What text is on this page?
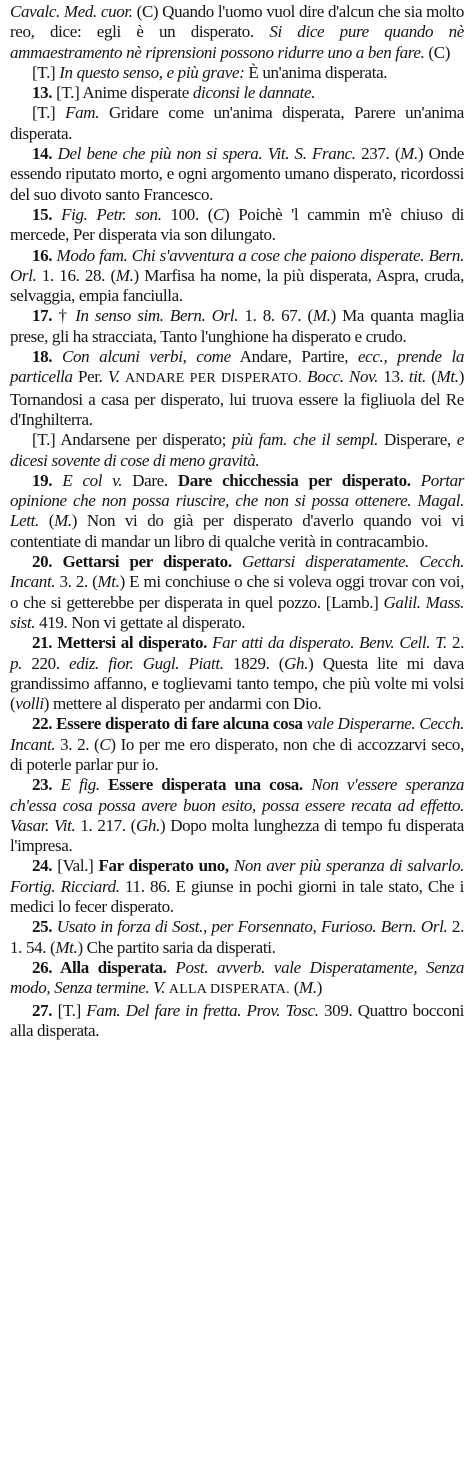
Cavalc. Med. cuor. (C) Quando l'uomo vuol dire d'alcun che sia molto reo, dice: egli è un disperato. Si dice pure quando nè ammaestramento nè riprensioni possono ridurre uno a ben fare. (C)
[T.] In questo senso, e più grave: È un'anima disperata.
13. [T.] Anime disperate diconsi le dannate.
[T.] Fam. Gridare come un'anima disperata, Parere un'anima disperata.
14. Del bene che più non si spera. Vit. S. Franc. 237. (M.) Onde essendo riputato morto, e ogni argomento umano disperato, ricordossi del suo divoto santo Francesco.
15. Fig. Petr. son. 100. (C) Poichè 'l cammin m'è chiuso di mercede, Per disperata via son dilungato.
16. Modo fam. Chi s'avventura a cose che paiono disperate. Bern. Orl. 1. 16. 28. (M.) Marfisa ha nome, la più disperata, Aspra, cruda, selvaggia, empia fanciulla.
17. † In senso sim. Bern. Orl. 1. 8. 67. (M.) Ma quanta maglia prese, gli ha stracciata, Tanto l'unghione ha disperato e crudo.
18. Con alcuni verbi, come Andare, Partire, ecc., prende la particella Per. V. ANDARE PER DISPERATO. Bocc. Nov. 13. tit. (Mt.) Tornandosi a casa per disperato, lui truova essere la figliuola del Re d'Inghilterra.
[T.] Andarsene per disperato; più fam. che il sempl. Disperare, e dicesi sovente di cose di meno gravità.
19. E col v. Dare. Dare chicchessia per disperato. Portar opinione che non possa riuscire, che non si possa ottenere. Magal. Lett. (M.) Non vi do già per disperato d'averlo quando voi vi contentiate di mandar un libro di qualche verità in contracambio.
20. Gettarsi per disperato. Gettarsi disperatamente. Cecch. Incant. 3. 2. (Mt.) E mi conchiuse o che si voleva oggi trovar con voi, o che si getterebbe per disperata in quel pozzo. [Lamb.] Galil. Mass. sist. 419. Non vi gettate al disperato.
21. Mettersi al disperato. Far atti da disperato. Benv. Cell. T. 2. p. 220. ediz. fior. Gugl. Piatt. 1829. (Gh.) Questa lite mi dava grandissimo affanno, e toglievami tanto tempo, che più volte mi volsi (volli) mettere al disperato per andarmi con Dio.
22. Essere disperato di fare alcuna cosa vale Disperarne. Cecch. Incant. 3. 2. (C) Io per me ero disperato, non che di accozzarvi seco, di poterle parlar pur io.
23. E fig. Essere disperata una cosa. Non v'essere speranza ch'essa cosa possa avere buon esito, possa essere recata ad effetto. Vasar. Vit. 1. 217. (Gh.) Dopo molta lunghezza di tempo fu disperata l'impresa.
24. [Val.] Far disperato uno, Non aver più speranza di salvarlo. Fortig. Ricciard. 11. 86. E giunse in pochi giorni in tale stato, Che i medici lo fecer disperato.
25. Usato in forza di Sost., per Forsennato, Furioso. Bern. Orl. 2. 1. 54. (Mt.) Che partito saria da disperati.
26. Alla disperata. Post. avverb. vale Disperatamente, Senza modo, Senza termine. V. ALLA DISPERATA. (M.)
27. [T.] Fam. Del fare in fretta. Prov. Tosc. 309. Quattro bocconi alla disperata.
